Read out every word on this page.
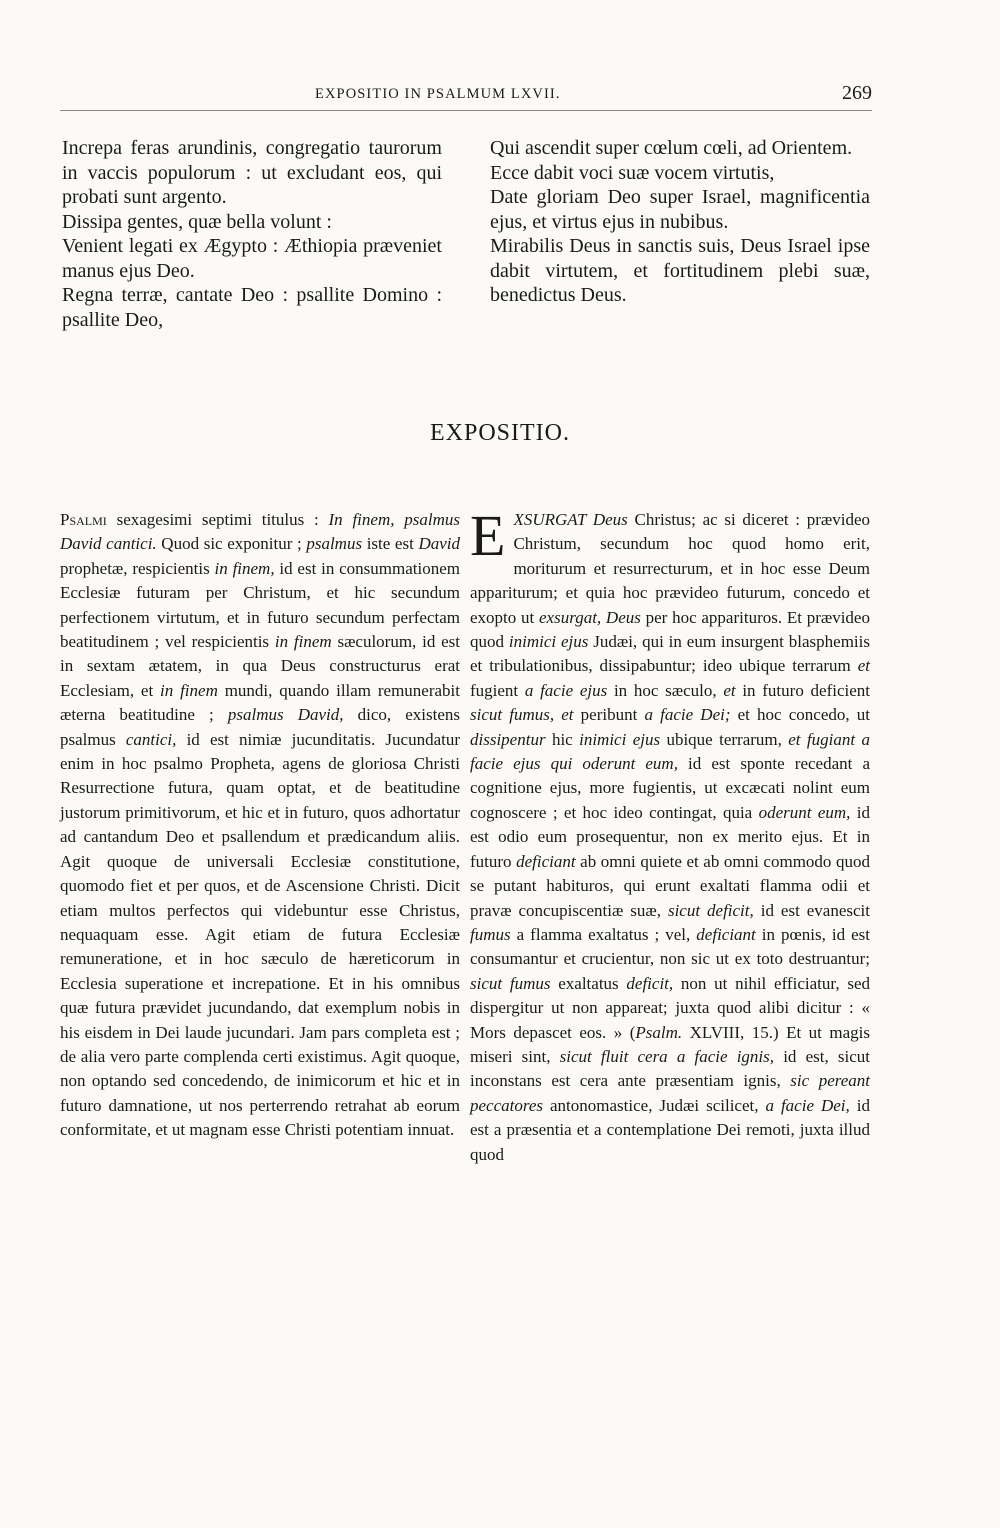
EXPOSITIO IN PSALMUM LXVII.	269

Increpa feras arundinis, congregatio taurorum in vaccis populorum : ut excludant eos, qui probati sunt argento.

Dissipa gentes, quæ bella volunt :

Venient legati ex Ægypto : Æthiopia præveniet manus ejus Deo.

Regna terræ, cantate Deo : psallite Domino : psallite Deo,

Qui ascendit super cœlum cœli, ad Orientem.

Ecce dabit voci suæ vocem virtutis,

Date gloriam Deo super Israel, magnificentia ejus, et virtus ejus in nubibus.

Mirabilis Deus in sanctis suis, Deus Israel ipse dabit virtutem, et fortitudinem plebi suæ, benedictus Deus.

EXPOSITIO.

Psalmi sexagesimi septimi titulus : In finem, psalmus David cantici. Quod sic exponitur ; psalmus iste est David prophetæ, respicientis in finem, id est in consummationem Ecclesiæ futuram per Christum, et hic secundum perfectionem virtutum, et in futuro secundum perfectam beatitudinem ; vel respicientis in finem sæculorum, id est in sextam ætatem, in qua Deus constructurus erat Ecclesiam, et in finem mundi, quando illam remunerabit æterna beatitudine ; psalmus David, dico, existens psalmus cantici, id est nimiæ jucunditatis. Jucundatur enim in hoc psalmo Propheta, agens de gloriosa Christi Resurrectione futura, quam optat, et de beatitudine justorum primitivorum, et hic et in futuro, quos adhortatur ad cantandum Deo et psallendum et prædicandum aliis. Agit quoque de universali Ecclesiæ constitutione, quomodo fiet et per quos, et de Ascensione Christi. Dicit etiam multos perfectos qui videbuntur esse Christus, nequaquam esse. Agit etiam de futura Ecclesiæ remuneratione, et in hoc sæculo de hæreticorum in Ecclesia superatione et increpatione. Et in his omnibus quæ futura prævidet jucundando, dat exemplum nobis in his eisdem in Dei laude jucundari. Jam pars completa est ; de alia vero parte complenda certi existimus. Agit quoque, non optando sed concedendo, de inimicorum et hic et in futuro damnatione, ut nos perterrendo retrahat ab eorum conformitate, et ut magnam esse Christi potentiam innuat.

EXSURGAT Deus Christus; ac si diceret : prævideo Christum, secundum hoc quod homo erit, moriturum et resurrecturum, et in hoc esse Deum appariturum; et quia hoc prævideo futurum, concedo et exopto ut exsurgat, Deus per hoc apparituros. Et prævideo quod inimici ejus Judæi, qui in eum insurgent blasphemiis et tribulationibus, dissipabuntur; ideo ubique terrarum et fugient a facie ejus in hoc sæculo, et in futuro deficient sicut fumus, et peribunt a facie Dei; et hoc concedo, ut dissipentur hic inimici ejus ubique terrarum, et fugiant a facie ejus qui oderunt eum, id est sponte recedant a cognitione ejus, more fugientis, ut excæcati nolint eum cognoscere ; et hoc ideo contingat, quia oderunt eum, id est odio eum prosequentur, non ex merito ejus. Et in futuro deficiant ab omni quiete et ab omni commodo quod se putant habituros, qui erunt exaltati flamma odii et pravæ concupiscentiæ suæ, sicut deficit, id est evanescit fumus a flamma exaltatus ; vel, deficiant in pœnis, id est consumantur et crucientur, non sic ut ex toto destruantur; sicut fumus exaltatus deficit, non ut nihil efficiatur, sed dispergitur ut non appareat; juxta quod alibi dicitur : « Mors depascet eos. » (Psalm. XLVIII, 15.) Et ut magis miseri sint, sicut fluit cera a facie ignis, id est, sicut inconstans est cera ante præsentiam ignis, sic pereant peccatores antonomastice, Judæi scilicet, a facie Dei, id est a præsentia et a contemplatione Dei remoti, juxta illud quod
